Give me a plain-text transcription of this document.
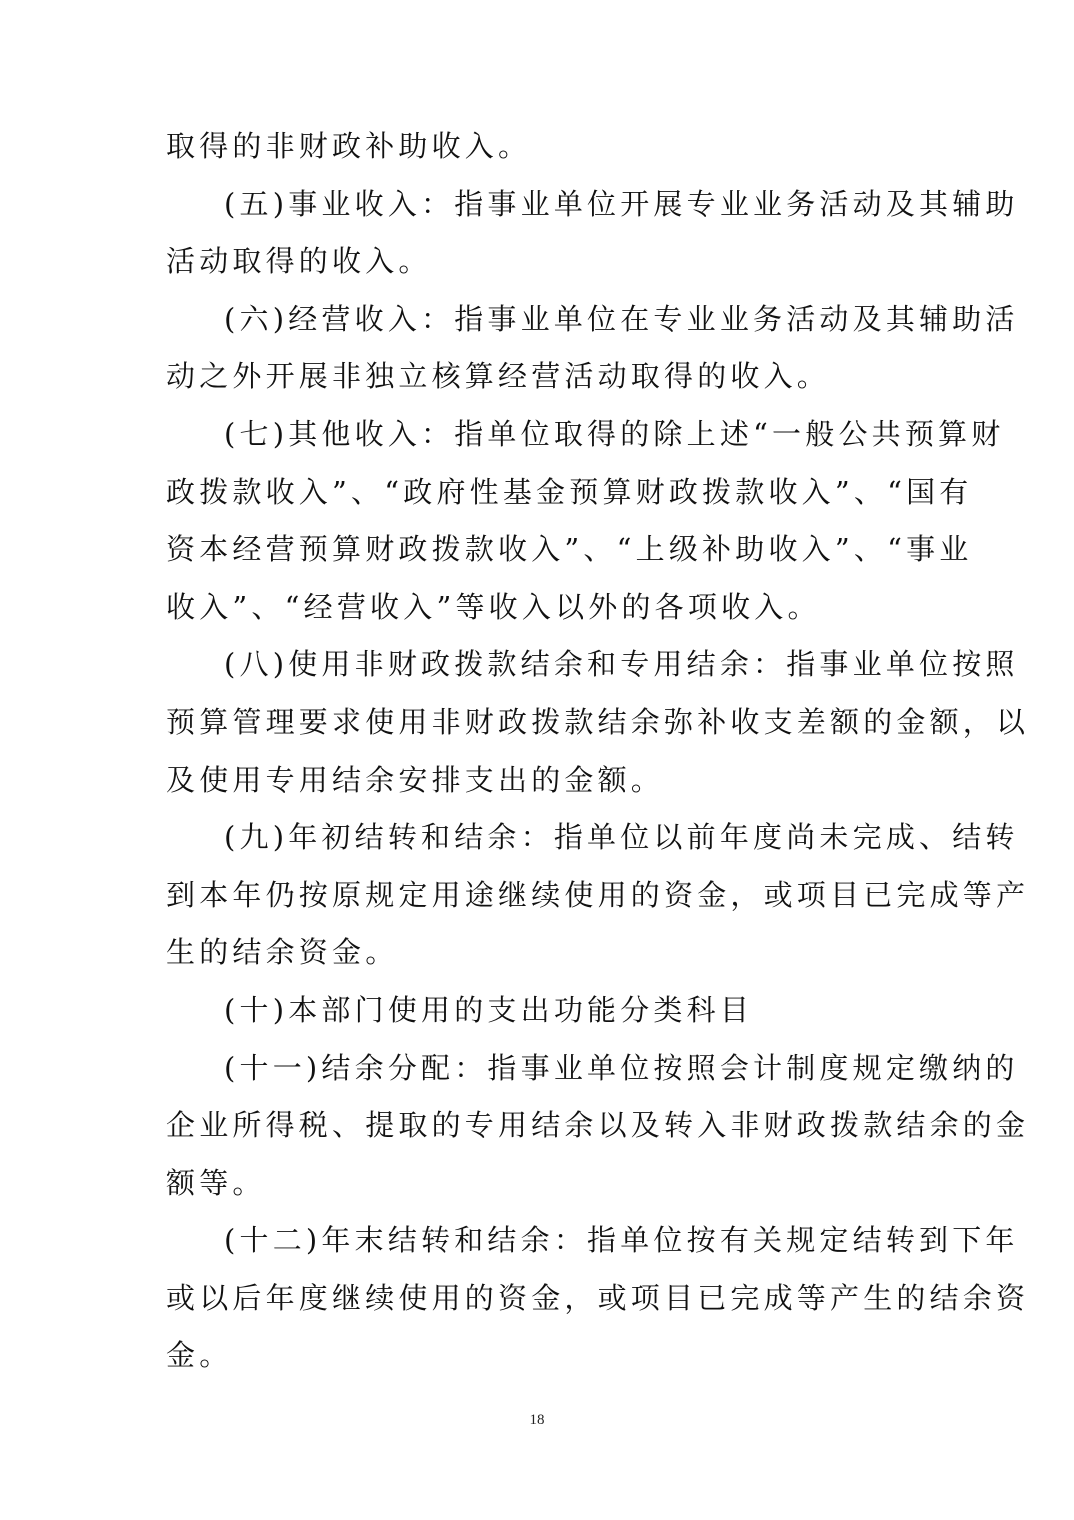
取得的非财政补助收入。
(五)事业收入：指事业单位开展专业业务活动及其辅助
活动取得的收入。
(六)经营收入：指事业单位在专业业务活动及其辅助活
动之外开展非独立核算经营活动取得的收入。
(七)其他收入：指单位取得的除上述“一般公共预算财
政拨款收入”、“政府性基金预算财政拨款收入”、“国有
资本经营预算财政拨款收入”、“上级补助收入”、“事业
收入”、“经营收入”等收入以外的各项收入。
(八)使用非财政拨款结余和专用结余：指事业单位按照
预算管理要求使用非财政拨款结余弥补收支差额的金额，以
及使用专用结余安排支出的金额。
(九)年初结转和结余：指单位以前年度尚未完成、结转
到本年仍按原规定用途继续使用的资金，或项目已完成等产
生的结余资金。
(十)本部门使用的支出功能分类科目
(十一)结余分配：指事业单位按照会计制度规定缴纳的
企业所得税、提取的专用结余以及转入非财政拨款结余的金
额等。
(十二)年末结转和结余：指单位按有关规定结转到下年
或以后年度继续使用的资金，或项目已完成等产生的结余资
金。
18
